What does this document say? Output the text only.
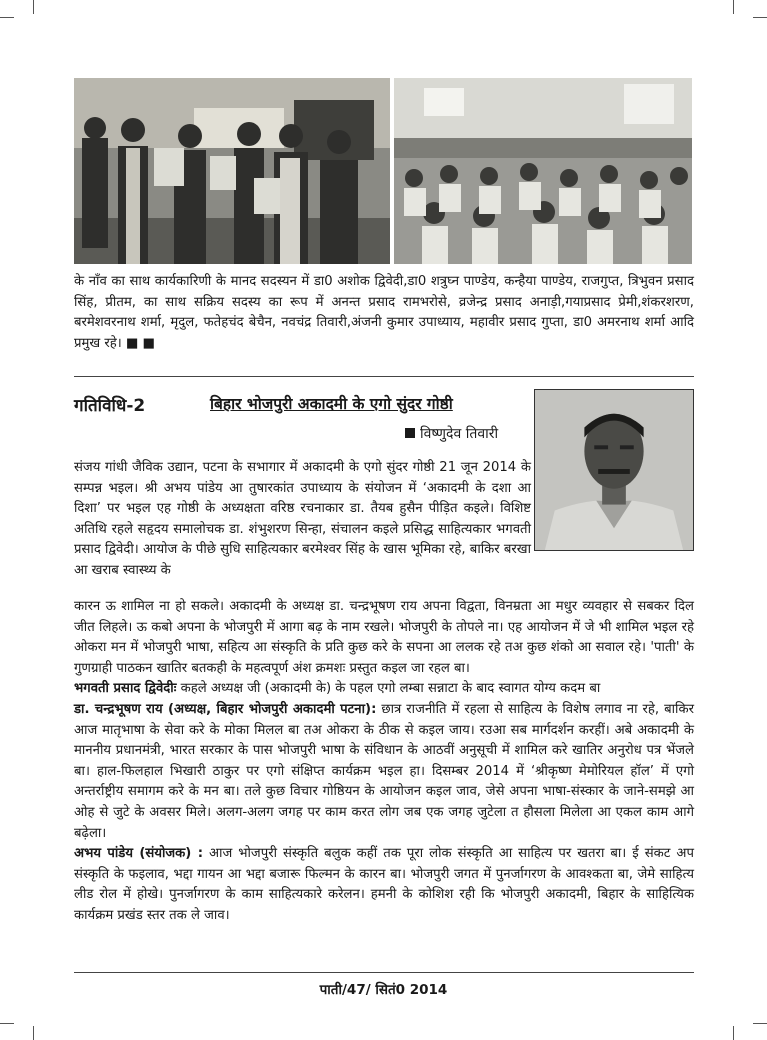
के नाँव का साथ कार्यकारिणी के मानद सदस्यन में डा0 अशोक द्विवेदी,डा0 शत्रुघ्न पाण्डेय, कन्हैया पाण्डेय, राजगुप्त, त्रिभुवन प्रसाद सिंह, प्रीतम, का साथ सक्रिय सदस्य का रूप में अनन्त प्रसाद रामभरोसे, व्रजेन्द्र प्रसाद अनाड़ी,गयाप्रसाद प्रेमी,शंकरशरण, बरमेशवरनाथ शर्मा, मृदुल, फतेहचंद बेचैन, नवचंद्र तिवारी,अंजनी कुमार उपाध्याय, महावीर प्रसाद गुप्ता, डा0 अमरनाथ शर्मा आदि प्रमुख रहे। ■ ■
गतिविधि-2	बिहार भोजपुरी अकादमी के एगो सुंदर गोष्ठी
विष्णुदेव तिवारी
संजय गांधी जैविक उद्यान, पटना के सभागार में अकादमी के एगो सुंदर गोष्ठी 21 जून 2014 के सम्पन्न भइल। श्री अभय पांडेय आ तुषारकांत उपाध्याय के संयोजन में ‘अकादमी के दशा आ दिशा’ पर भइल एह गोष्ठी के अध्यक्षता वरिष्ठ रचनाकार डा. तैयब हुसैन पीड़ित कइले। विशिष्ट अतिथि रहले सहृदय समालोचक डा. शंभुशरण सिन्हा, संचालन कइले प्रसिद्ध साहित्यकार भगवती प्रसाद द्विवेदी। आयोज के पीछे सुधि साहित्यकार बरमेश्वर सिंह के खास भूमिका रहे, बाकिर बरखा आ खराब स्वास्थ्य के

कारन ऊ शामिल ना हो सकले। अकादमी के अध्यक्ष डा. चन्द्रभूषण राय अपना विद्वता, विनम्रता आ मधुर व्यवहार से सबकर दिल जीत लिहले। ऊ कबो अपना के भोजपुरी में आगा बढ़ के नाम रखले। भोजपुरी के तोपले ना। एह आयोजन में जे भी शामिल भइल रहे ओकरा मन में भोजपुरी भाषा, सहित्य आ संस्कृति के प्रति कुछ करे के सपना आ ललक रहे तअ कुछ शंको आ सवाल रहे। 'पाती' के गुणग्राही पाठकन खातिर बतकही के महत्वपूर्ण अंश क्रमशः प्रस्तुत कइल जा रहल बा।

भगवती प्रसाद द्विवेदीः कहले अध्यक्ष जी (अकादमी के) के पहल एगो लम्बा सन्नाटा के बाद स्वागत योग्य कदम बा

डा. चन्द्रभूषण राय (अध्यक्ष, बिहार भोजपुरी अकादमी पटना): छात्र राजनीति में रहला से साहित्य के विशेष लगाव ना रहे, बाकिर आज मातृभाषा के सेवा करे के मोका मिलल बा तअ ओकरा के ठीक से कइल जाय। रउआ सब मार्गदर्शन करहीं। अबे अकादमी के माननीय प्रधानमंत्री, भारत सरकार के पास भोजपुरी भाषा के संविधान के आठवीं अनुसूची में शामिल करे खातिर अनुरोध पत्र भेंजले बा। हाल-फिलहाल भिखारी ठाकुर पर एगो संक्षिप्त कार्यक्रम भइल हा। दिसम्बर 2014 में ‘श्रीकृष्ण मेमोरियल हॉल’ में एगो अन्तर्राष्ट्रीय समागम करे के मन बा। तले कुछ विचार गोष्ठियन के आयोजन कइल जाव, जेसे अपना भाषा-संस्कार के जाने-समझे आ ओह से जुटे के अवसर मिले। अलग-अलग जगह पर काम करत लोग जब एक जगह जुटेला त हौसला मिलेला आ एकल काम आगे बढ़ेला।

अभय पांडेय (संयोजक) : आज भोजपुरी संस्कृति बलुक कहीं तक पूरा लोक संस्कृति आ साहित्य पर खतरा बा। ई संकट अप संस्कृति के फइलाव, भद्दा गायन आ भद्दा बजारू फिल्मन के कारन बा। भोजपुरी जगत में पुनर्जागरण के आवश्कता बा, जेमे साहित्य लीड रोल में होखे। पुनर्जागरण के काम साहित्यकारे करेलन। हमनी के कोशिश रही कि भोजपुरी अकादमी, बिहार के साहित्यिक कार्यक्रम प्रखंड स्तर तक ले जाव।

पाती/47/ सितं0 2014
